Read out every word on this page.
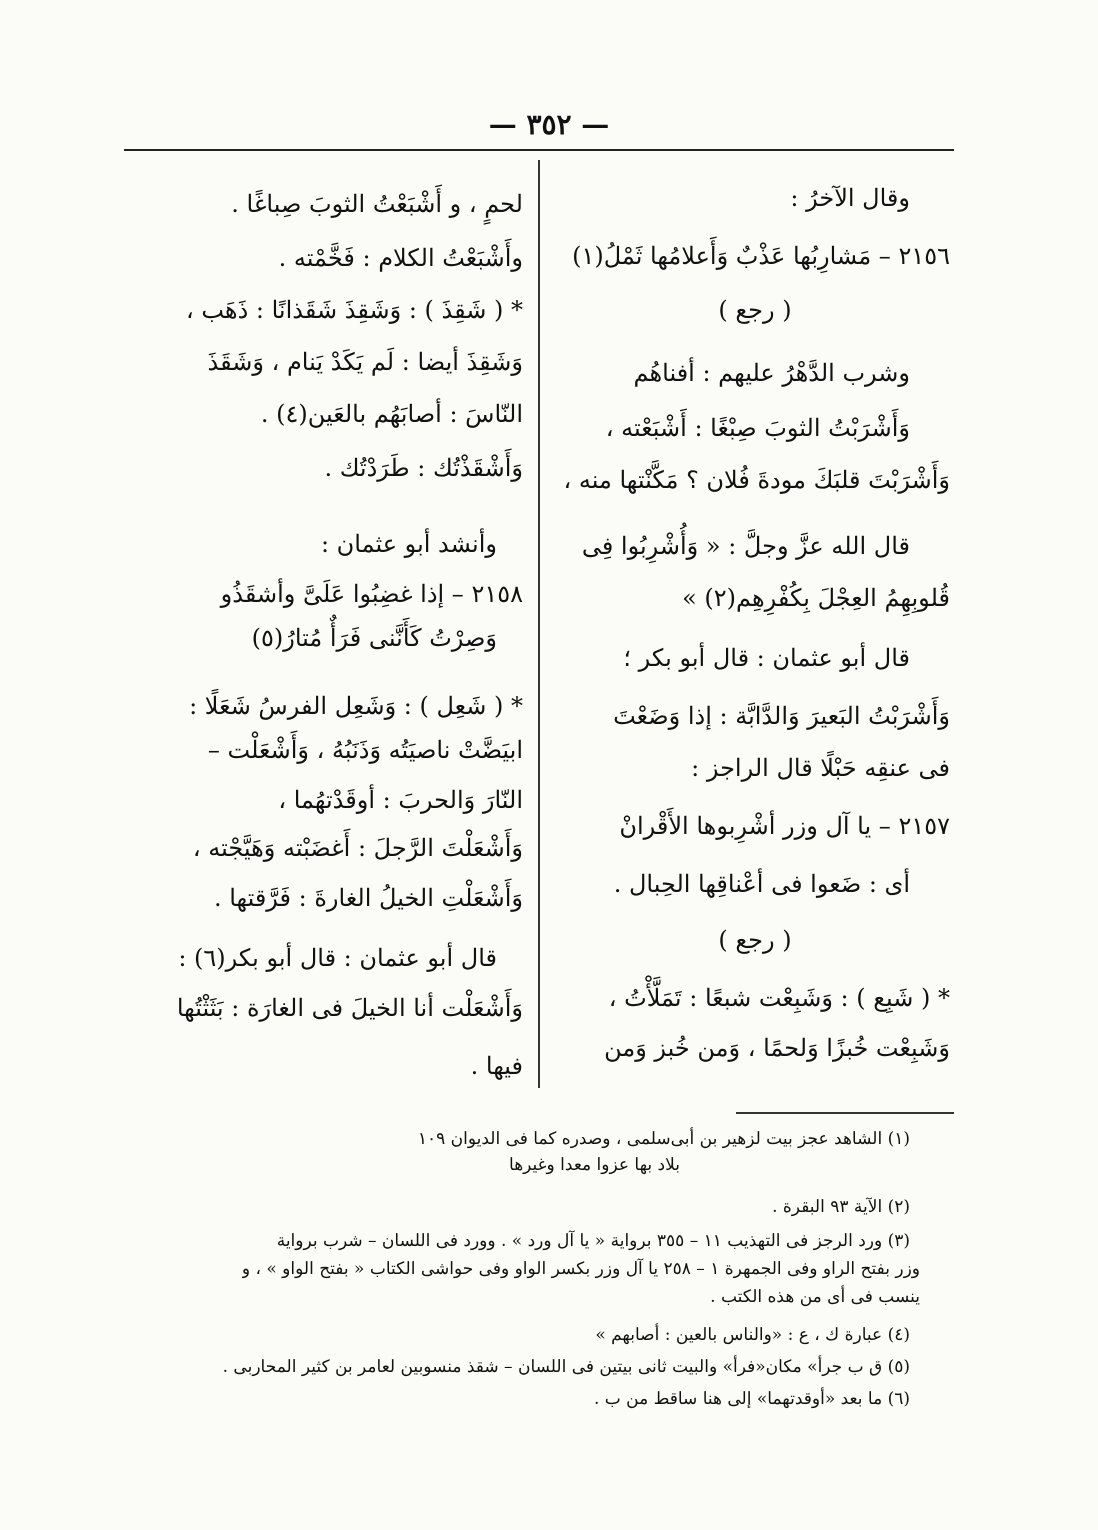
— ٣٥٢ —
وقال الآخرُ :
٢١٥٦ – مَشارِبُها عَذْبٌ وَأَعلامُها ثَمْلُ(١)
( رجع )
وشرب الدَّهْرُ عليهم : أفناهُم
وَأَشْرَبْتُ الثوبَ صِبْغًا : أَشْبَعْته ،
وَأَشْرَبْتَ قلبَكَ مودةَ فُلان ؟ مَكَّنْتها منه ،
قال الله عزَّ وجلَّ : « وَأُشْرِبُوا فِى
قُلوبِهِمُ العِجْلَ بِكُفْرِهِم(٢) »
قال أبو عثمان : قال أبو بكر ؛
وَأَشْرَبْتُ البَعيرَ وَالدَّابَّة : إذا وَضَعْتَ
فى عنقِه حَبْلًا قال الراجز :
٢١٥٧ – يا آل وزر أشْرِبوها الأَقْرانْ
أى : ضَعوا فى أعْناقِها الحِبال .
( رجع )
* ( شَبِع ) : وَشَبِعْت شبعًا : تَمَلَّأْتُ ،
وَشَبِعْت خُبزًا وَلحمًا ، وَمن خُبز وَمن
لحمٍ ، و أَشْبَعْتُ الثوبَ صِباغًا .
وأَشْبَعْتُ الكلام : فَخَّمْته .
* ( شَقِذَ ) : وَشَقِذَ شَقَذانًا : ذَهَب ،
وَشَقِذَ أيضا : لَم يَكَدْ يَنام ، وَشَقَذَ
النّاسَ : أصابَهُم بالعَين(٤) .
وَأَشْقَذْتُك : طَرَدْتُك .
وأنشد أبو عثمان :
٢١٥٨ – إذا غضِبُوا عَلَىَّ وأشقَذُو
وَصِرْتُ كَأَنَّنى فَرَأٌ مُتارُ(٥)
* ( شَعِل ) : وَشَعِل الفرسُ شَعَلًا :
ابيَضَّتْ ناصيَتُه وَذَنَبُهُ ، وَأَشْعَلْت –
النّارَ وَالحربَ : أوقَدْتهُما ،
وَأَشْعَلْتَ الرَّجلَ : أَغضَبْته وَهَيَّجْته ،
وَأَشْعَلْتِ الخيلُ الغارةَ : فَرَّقتها .
قال أبو عثمان : قال أبو بكر(٦) :
وَأَشْعَلْت أنا الخيلَ فى الغارَة : بَثَثْتُها
فيها .
(١) الشاهد عجز بيت لزهير بن أبى‌سلمى ، وصدره كما فى الديوان ١٠٩
بلاد بها عزوا معدا وغيرها
(٢) الآية ٩٣ البقرة .
(٣) ورد الرجز فى التهذيب ١١ – ٣٥٥ برواية « يا آل ورد » . وورد فى اللسان – شرب برواية
وزر بفتح الراو وفى الجمهرة ١ – ٢٥٨ يا آل وزر بكسر الواو وفى حواشى الكتاب « بفتح الواو » ، و
ينسب فى أى من هذه الكتب .
(٤) عبارة ك ، ع : «والناس بالعين : أصابهم »
(٥) ق ب جرأ» مكان«فرأ» والبيت ثانى بيتين فى اللسان – شقذ منسوبين لعامر بن كثير المحاربى .
(٦) ما بعد «أوقدتهما» إلى هنا ساقط من ب .
